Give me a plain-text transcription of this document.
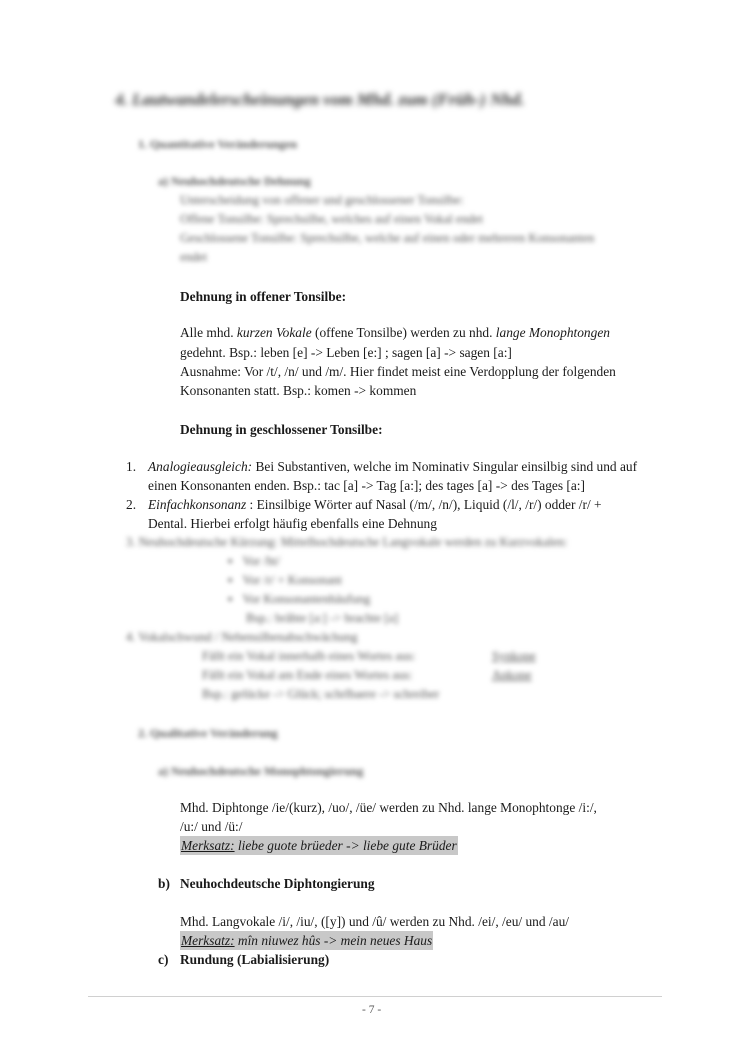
4. Lautwandelerscheinungen vom Mhd. zum (Früh-) Nhd.
1. Quantitative Veränderungen
a) Neuhochdeutsche Dehnung
Unterscheidung von offener und geschlossener Tonsilbe:
Offene Tonsilbe: Sprechsilbe, welches auf einen Vokal endet
Geschlossene Tonsilbe: Sprechsilbe, welche auf einen oder mehreren Konsonanten
endet
Dehnung in offener Tonsilbe:
Alle mhd. kurzen Vokale (offene Tonsilbe) werden zu nhd. lange Monophtongen
gedehnt. Bsp.: leben [e] -> Leben [e:] ; sagen [a] -> sagen [a:]
Ausnahme: Vor /t/, /n/ und /m/. Hier findet meist eine Verdopplung der folgenden
Konsonanten statt. Bsp.: komen -> kommen
Dehnung in geschlossener Tonsilbe:
1. Analogieausgleich: Bei Substantiven, welche im Nominativ Singular einsilbig sind und auf
einen Konsonanten enden. Bsp.: tac [a] -> Tag [a:]; des tages [a] -> des Tages [a:]
2. Einfachkonsonanz : Einsilbige Wörter auf Nasal (/m/, /n/), Liquid (/l/, /r/) odder /r/ +
Dental. Hierbei erfolgt häufig ebenfalls eine Dehnung
3. Neuhochdeutsche Kürzung: Mittelhochdeutsche Langvokale werden zu Kurzvokalen:
▪ Vor /ht/
▪ Vor /r/ + Konsonant
▪ Vor Konsonantenhäufung
Bsp.: brâhte [a:] -> brachte [a]
4. Vokalschwund / Nebensilbenabschwächung
Fällt ein Vokal innerhalb eines Wortes aus:	Synkope
Fällt ein Vokal am Ende eines Wortes aus:	Apkope
Bsp.: gelücke -> Glück; schrîbaere -> schreiber
2. Qualitative Veränderung
a) Neuhochdeutsche Monophtongierung
Mhd. Diphtonge /ie/(kurz), /uo/, /üe/ werden zu Nhd. lange Monophtonge /i:/,
/u:/ und /ü:/
Merksatz: liebe guote brüeder -> liebe gute Brüder
b) Neuhochdeutsche Diphtongierung
Mhd. Langvokale /i/, /iu/, ([y]) und /û/ werden zu Nhd. /ei/, /eu/ und /au/
Merksatz: mîn niuwez hûs -> mein neues Haus
c) Rundung (Labialisierung)
- 7 -
